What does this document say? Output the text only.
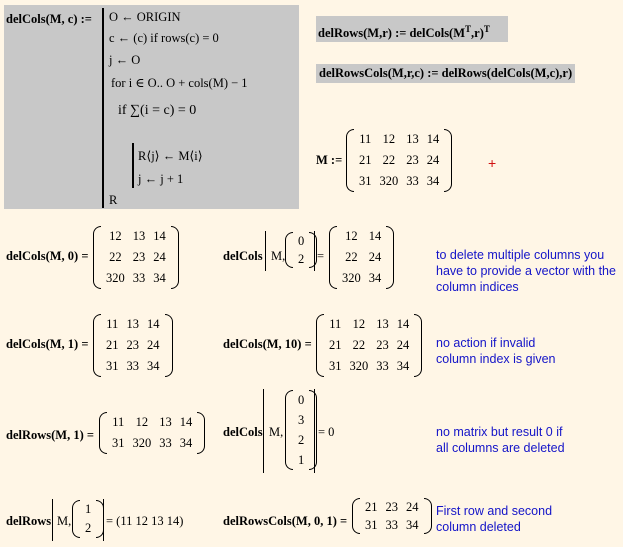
delCols(M, c) := O ← ORIGIN
c ← (c) if rows(c) = 0
j ← O
for i ∈ O.. O + cols(M) − 1
if ∑(i = c) = 0
R⟨j⟩ ← M⟨i⟩
j ← j + 1
R
delRows(M,r) := $delCols(M^T,r)^T$
delRowsCols(M,r,c) := delRows(delCols(M,c),r)
M :=
11	12	13	14
21	22	23	24
31	320	33	34
+
delCols(M, 0) =
12	13	14
22	23	24
320	33	34
delCols(M, 1) =
11	13	14
21	23	24
31	33	34
delRows(M, 1) =
11	12	13	14
31	320	33	34
delCols M,
0
2 =
12	14
22	24
320	34
delCols(M, 10) =
11	12	13	14
21	22	23	24
31	320	33	34
delCols M,
0
3
2
1
= 0
delRows M,
1
2 = (11 12 13 14)	delRowsCols(M, 0, 1) =
21	23	24
31	33	34
to delete multiple columns you
have to provide a vector with the
column indices
no action if invalid
column index is given
no matrix but result 0 if
all columns are deleted
First row and second
column deleted
